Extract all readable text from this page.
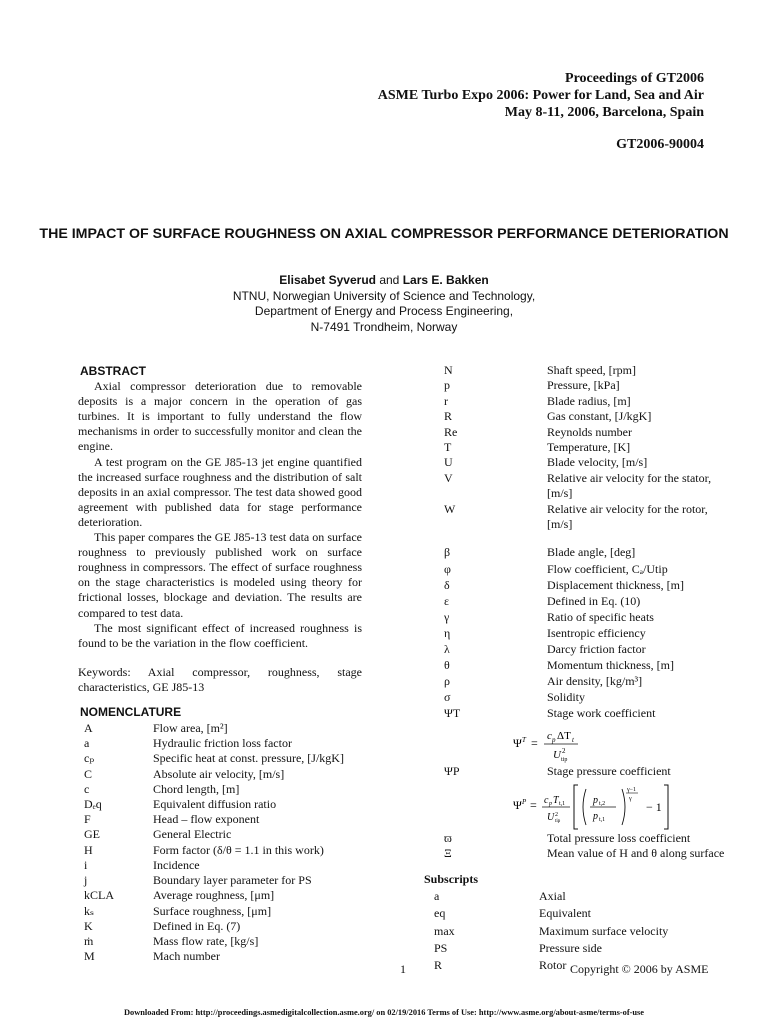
Proceedings of GT2006
ASME Turbo Expo 2006: Power for Land, Sea and Air
May 8-11, 2006, Barcelona, Spain
GT2006-90004
THE IMPACT OF SURFACE ROUGHNESS ON AXIAL COMPRESSOR PERFORMANCE DETERIORATION
Elisabet Syverud and Lars E. Bakken
NTNU, Norwegian University of Science and Technology,
Department of Energy and Process Engineering,
N-7491 Trondheim, Norway
ABSTRACT

Axial compressor deterioration due to removable deposits is a major concern in the operation of gas turbines. It is important to fully understand the flow mechanisms in order to successfully monitor and clean the engine.

A test program on the GE J85-13 jet engine quantified the increased surface roughness and the distribution of salt deposits in an axial compressor. The test data showed good agreement with published data for stage performance deterioration.

This paper compares the GE J85-13 test data on surface roughness to previously published work on surface roughness in compressors. The effect of surface roughness on the stage characteristics is modeled using theory for frictional losses, blockage and deviation. The results are compared to test data.

The most significant effect of increased roughness is found to be the variation in the flow coefficient.

Keywords: Axial compressor, roughness, stage characteristics, GE J85-13

NOMENCLATURE
A	Flow area, [m²]
a	Hydraulic friction loss factor
cₚ	Specific heat at const. pressure, [J/kgK]
C	Absolute air velocity, [m/s]
c	Chord length, [m]
Dₑq	Equivalent diffusion ratio
F	Head – flow exponent
GE	General Electric
H	Form factor (δ/θ = 1.1 in this work)
i	Incidence
j	Boundary layer parameter for PS
kCLA	Average roughness, [μm]
kₛ	Surface roughness, [μm]
K	Defined in Eq. (7)
ṁ	Mass flow rate, [kg/s]
M	Mach number
N	Shaft speed, [rpm]
p	Pressure, [kPa]
r	Blade radius, [m]
R	Gas constant, [J/kgK]
Re	Reynolds number
T	Temperature, [K]
U	Blade velocity, [m/s]
V	Relative air velocity for the stator, [m/s]
W	Relative air velocity for the rotor, [m/s]
β	Blade angle, [deg]
φ	Flow coefficient, Cₐ/Utip
δ	Displacement thickness, [m]
ε	Defined in Eq. (10)
γ	Ratio of specific heats
η	Isentropic efficiency
λ	Darcy friction factor
θ	Momentum thickness, [m]
ρ	Air density, [kg/m³]
σ	Solidity
ΨT	Stage work coefficient
Ψ T = c p ΔT t
U 2
tip
ΨP	Stage pressure coefficient
Ψ P = c p T t,1
U 2
tip
p t,2
p t,1
γ−1
γ
− 1
ϖ	Total pressure loss coefficient
Ξ	Mean value of H and θ along surface
Subscripts
a	Axial
eq	Equivalent
max	Maximum surface velocity
PS	Pressure side
R	Rotor
1	Copyright © 2006 by ASME
Downloaded From: http://proceedings.asmedigitalcollection.asme.org/ on 02/19/2016 Terms of Use: http://www.asme.org/about-asme/terms-of-use
